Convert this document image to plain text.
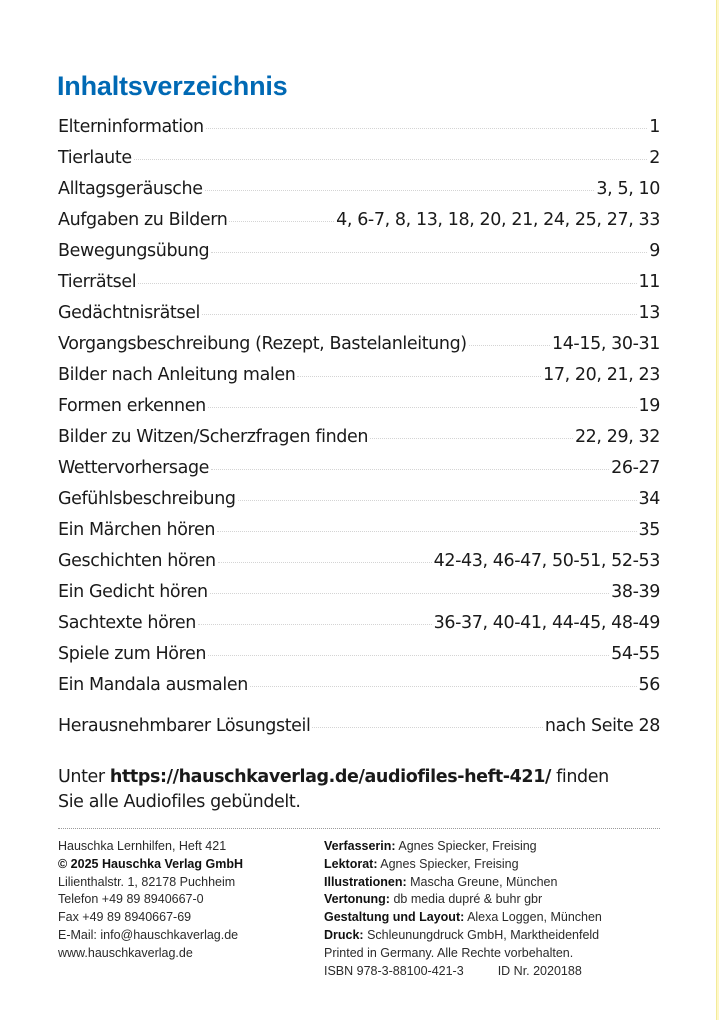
Inhaltsverzeichnis
Elterninformation	1
Tierlaute	2
Alltagsgeräusche	3, 5, 10
Aufgaben zu Bildern	4, 6-7, 8, 13, 18, 20, 21, 24, 25, 27, 33
Bewegungsübung	9
Tierrätsel	11
Gedächtnisrätsel	13
Vorgangsbeschreibung (Rezept, Bastelanleitung)	14-15, 30-31
Bilder nach Anleitung malen	17, 20, 21, 23
Formen erkennen	19
Bilder zu Witzen/Scherzfragen finden	22, 29, 32
Wettervorhersage	26-27
Gefühlsbeschreibung	34
Ein Märchen hören	35
Geschichten hören	42-43, 46-47, 50-51, 52-53
Ein Gedicht hören	38-39
Sachtexte hören	36-37, 40-41, 44-45, 48-49
Spiele zum Hören	54-55
Ein Mandala ausmalen	56
Herausnehmbarer Lösungsteil	nach Seite 28
Unter https://hauschkaverlag.de/audiofiles-heft-421/ finden
Sie alle Audiofiles gebündelt.
Hauschka Lernhilfen, Heft 421
© 2025 Hauschka Verlag GmbH
Lilienthalstr. 1, 82178 Puchheim
Telefon +49 89 8940667-0
Fax +49 89 8940667-69
E-Mail: info@hauschkaverlag.de
www.hauschkaverlag.de
Verfasserin: Agnes Spiecker, Freising
Lektorat: Agnes Spiecker, Freising
Illustrationen: Mascha Greune, München
Vertonung: db media dupré & buhr gbr
Gestaltung und Layout: Alexa Loggen, München
Druck: Schleunungdruck GmbH, Marktheidenfeld
Printed in Germany. Alle Rechte vorbehalten.
ISBN 978-3-88100-421-3	ID Nr. 2020188
